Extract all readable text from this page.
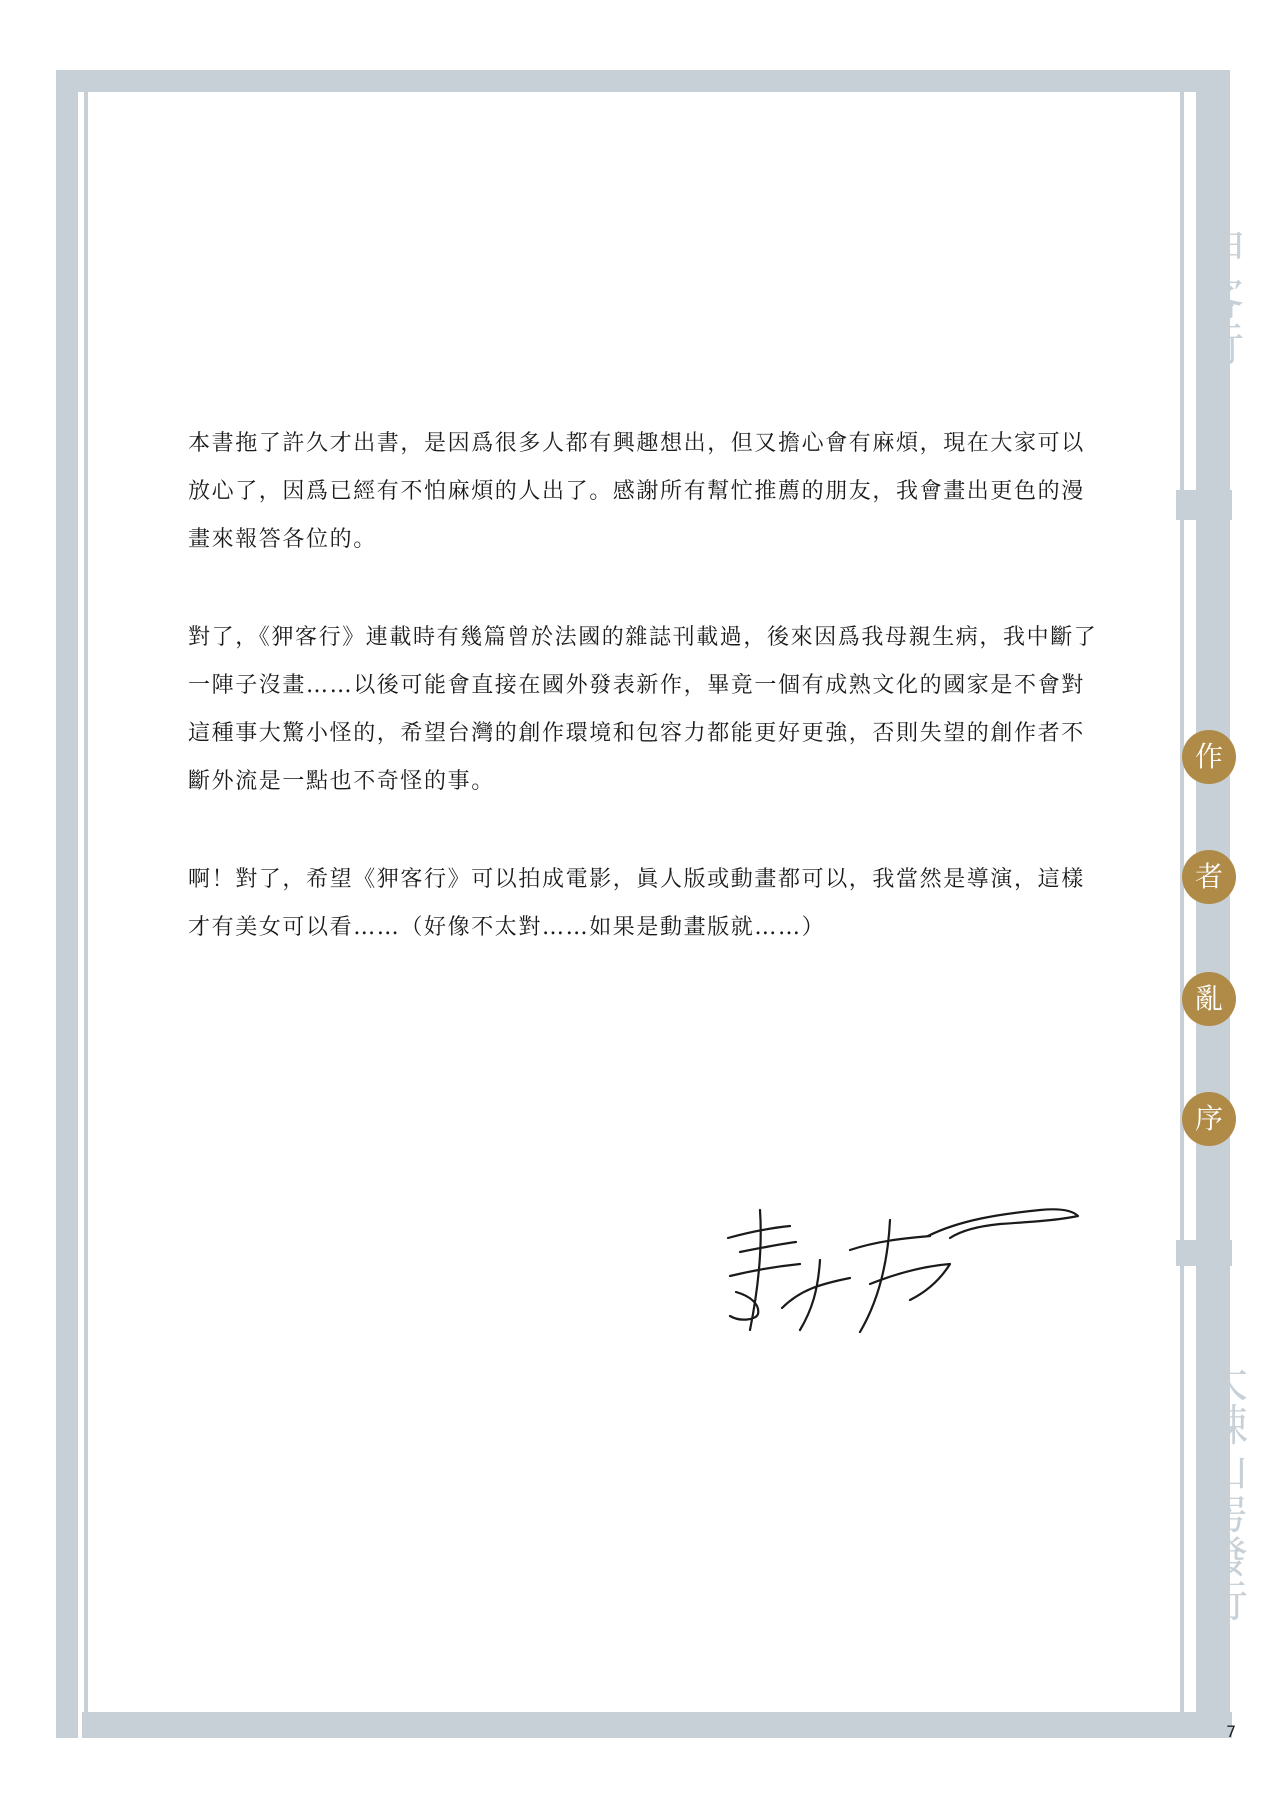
狎客行
作
者
亂
序
大辣山房發行

本書拖了許久才出書，是因爲很多人都有興趣想出，但又擔心會有麻煩，現在大家可以放心了，因爲已經有不怕麻煩的人出了。感謝所有幫忙推薦的朋友，我會畫出更色的漫畫來報答各位的。

對了，《狎客行》連載時有幾篇曾於法國的雜誌刊載過，後來因爲我母親生病，我中斷了一陣子沒畫……以後可能會直接在國外發表新作，畢竟一個有成熟文化的國家是不會對這種事大驚小怪的，希望台灣的創作環境和包容力都能更好更強，否則失望的創作者不斷外流是一點也不奇怪的事。

啊！對了，希望《狎客行》可以拍成電影，眞人版或動畫都可以，我當然是導演，這樣才有美女可以看……（好像不太對……如果是動畫版就……）

7
